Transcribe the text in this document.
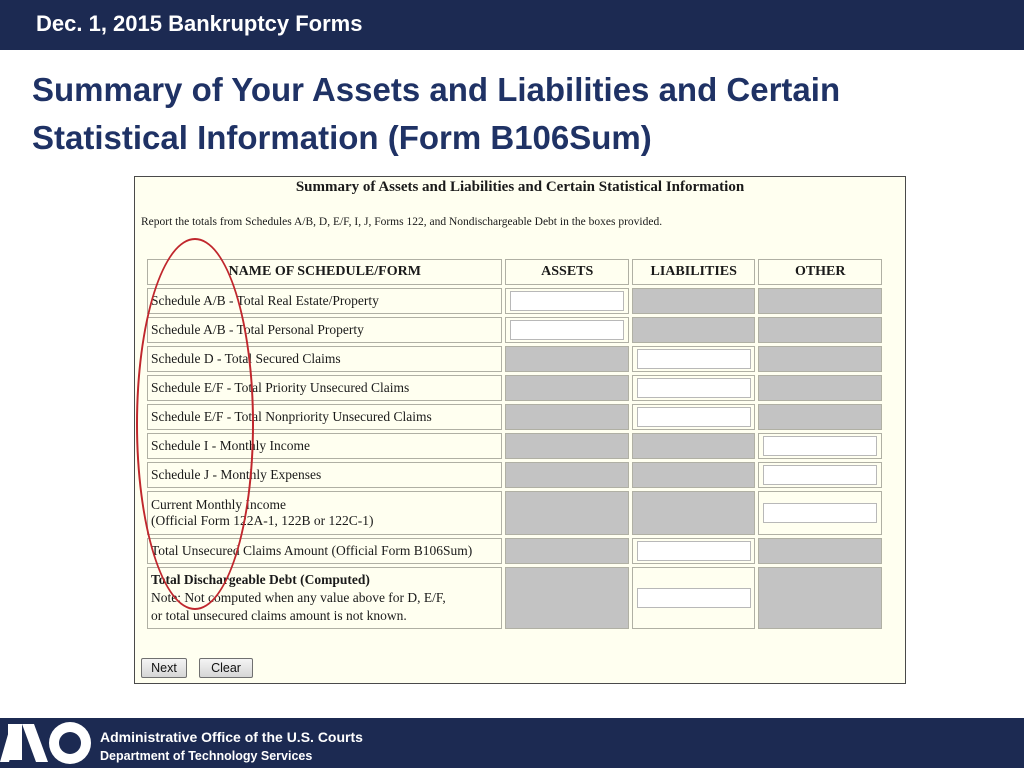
Dec. 1, 2015 Bankruptcy Forms
Summary of Your Assets and Liabilities and Certain
Statistical Information (Form B106Sum)
Summary of Assets and Liabilities and Certain Statistical Information
Report the totals from Schedules A/B, D, E/F, I, J, Forms 122, and Nondischargeable Debt in the boxes provided.
NAME OF SCHEDULE/FORM	ASSETS	LIABILITIES	OTHER

Schedule A/B - Total Real Estate/Property

Schedule A/B - Total Personal Property

Schedule D - Total Secured Claims

Schedule E/F - Total Priority Unsecured Claims

Schedule E/F - Total Nonpriority Unsecured Claims

Schedule I - Monthly Income

Schedule J - Monthly Expenses

Current Monthly Income
(Official Form 122A-1, 122B or 122C-1)

Total Unsecured Claims Amount (Official Form B106Sum)

Total Dischargeable Debt (Computed)
Note: Not computed when any value above for D, E/F,
or total unsecured claims amount is not known.

Next	Clear
Administrative Office of the U.S. Courts
Department of Technology Services
